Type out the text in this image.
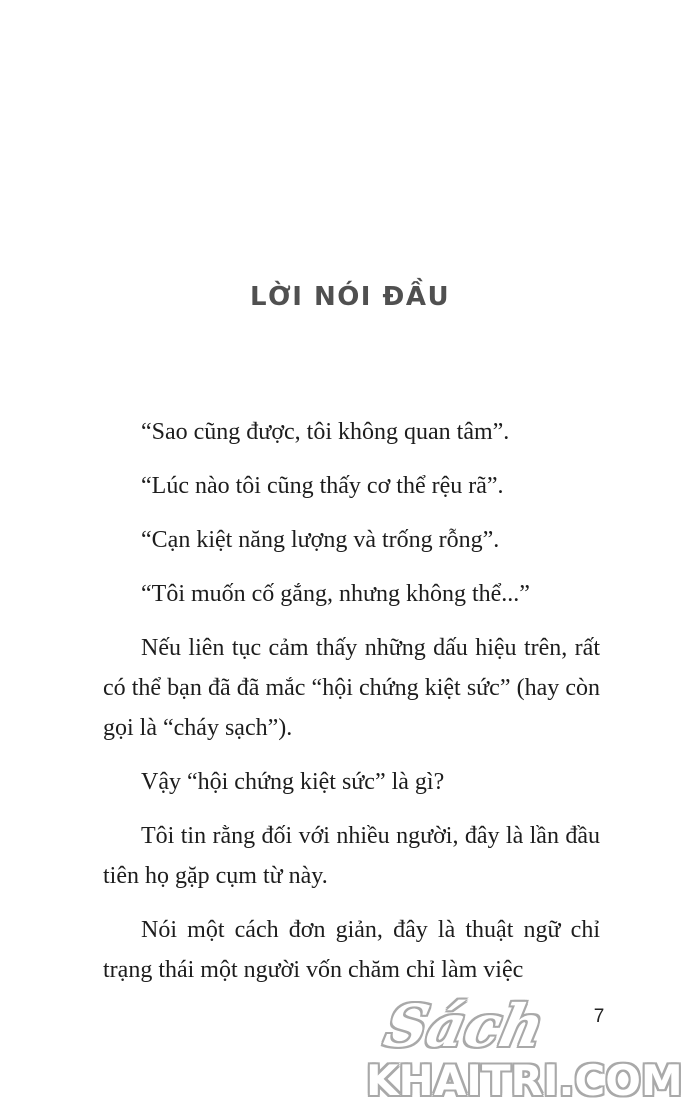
LỜI NÓI ĐẦU

“Sao cũng được, tôi không quan tâm”.

“Lúc nào tôi cũng thấy cơ thể rệu rã”.

“Cạn kiệt năng lượng và trống rỗng”.

“Tôi muốn cố gắng, nhưng không thể...”

Nếu liên tục cảm thấy những dấu hiệu trên, rất có thể bạn đã đã mắc “hội chứng kiệt sức” (hay còn gọi là “cháy sạch”).

Vậy “hội chứng kiệt sức” là gì?

Tôi tin rằng đối với nhiều người, đây là lần đầu tiên họ gặp cụm từ này.

Nói một cách đơn giản, đây là thuật ngữ chỉ trạng thái một người vốn chăm chỉ làm việc

7
Sách
KHAITRI.COM
